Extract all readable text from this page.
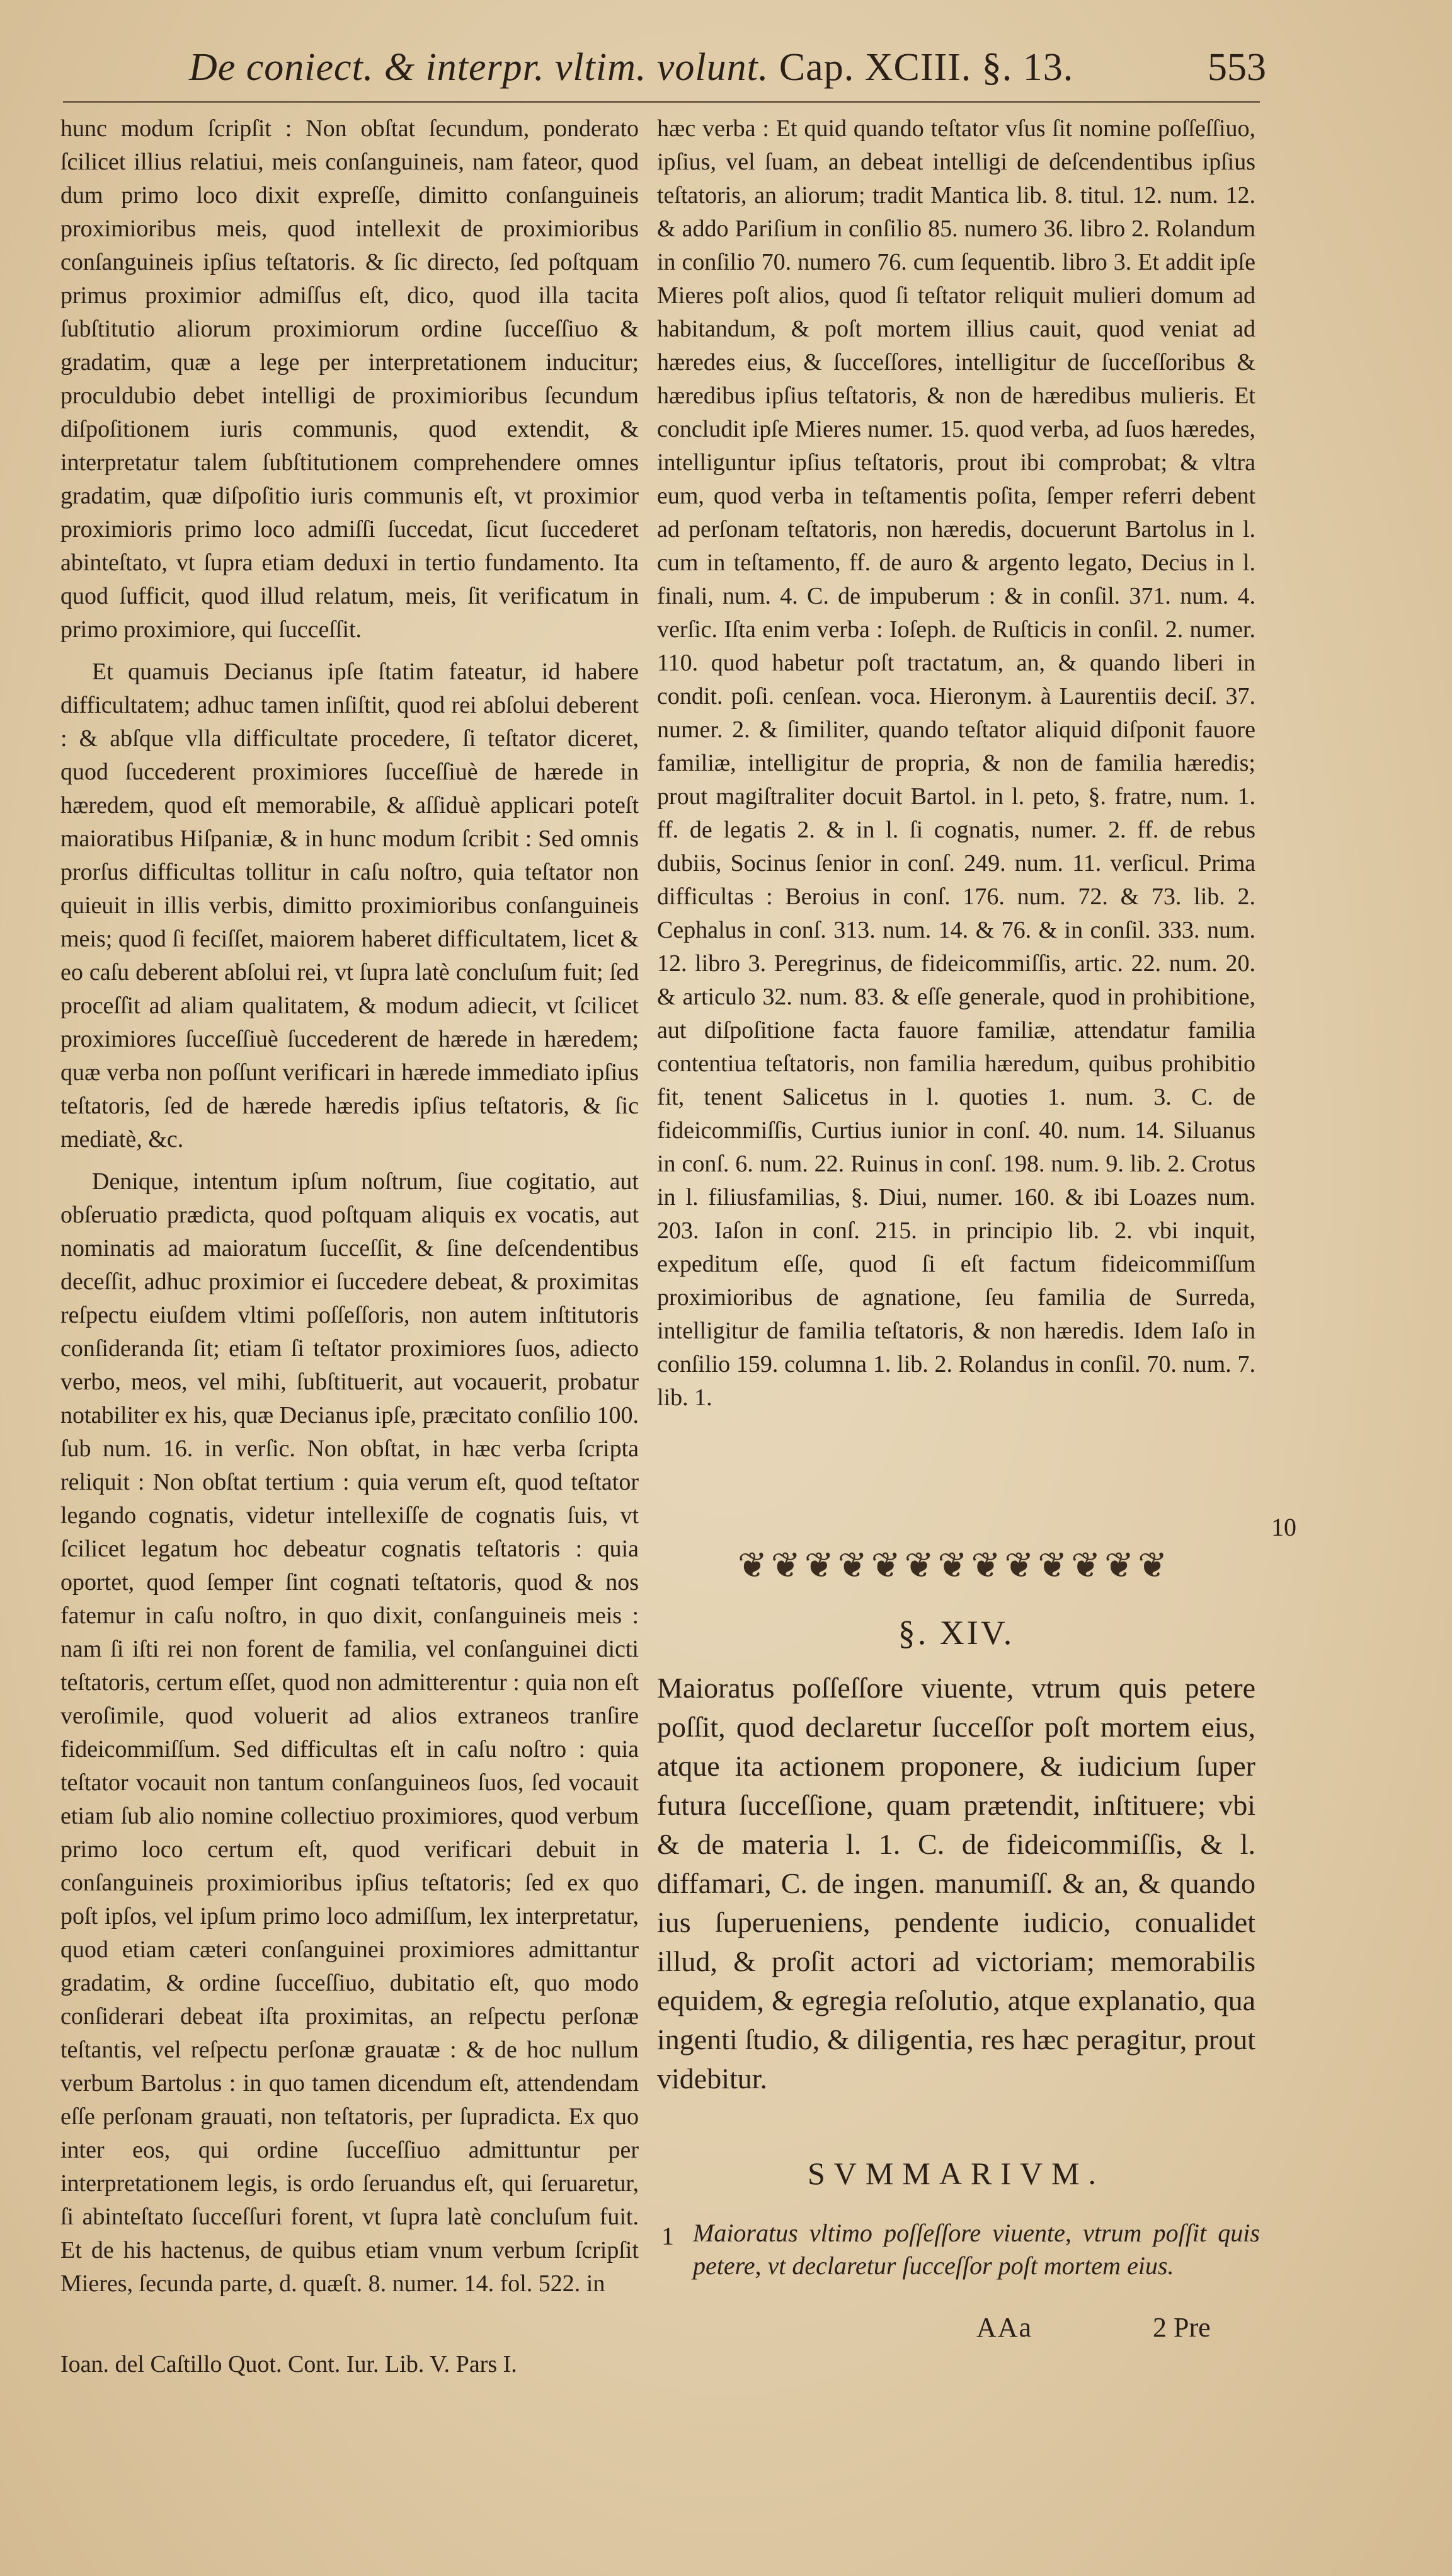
De coniect. & interpr. vltim. volunt. Cap. XCIII. §. 13.	553

hunc modum ſcripſit : Non obſtat ſecundum, ponderato ſcilicet illius relatiui, meis conſanguineis, nam fateor, quod dum primo loco dixit expreſſe, dimitto conſanguineis proximioribus meis, quod intellexit de proximioribus conſanguineis ipſius teſtatoris. & ſic directo, ſed poſtquam primus proximior admiſſus eſt, dico, quod illa tacita ſubſtitutio aliorum proximiorum ordine ſucceſſiuo & gradatim, quæ a lege per interpretationem inducitur; proculdubio debet intelligi de proximioribus ſecundum diſpoſitionem iuris communis, quod extendit, & interpretatur talem ſubſtitutionem comprehendere omnes gradatim, quæ diſpoſitio iuris communis eſt, vt proximior proximioris primo loco admiſſi ſuccedat, ſicut ſuccederet abinteſtato, vt ſupra etiam deduxi in tertio fundamento. Ita quod ſufficit, quod illud relatum, meis, ſit verificatum in primo proximiore, qui ſucceſſit.

Et quamuis Decianus ipſe ſtatim fateatur, id habere difficultatem; adhuc tamen inſiſtit, quod rei abſolui deberent : & abſque vlla difficultate procedere, ſi teſtator diceret, quod ſuccederent proximiores ſucceſſiuè de hærede in hæredem, quod eſt memorabile, & aſſiduè applicari poteſt maioratibus Hiſpaniæ, & in hunc modum ſcribit : Sed omnis prorſus difficultas tollitur in caſu noſtro, quia teſtator non quieuit in illis verbis, dimitto proximioribus conſanguineis meis; quod ſi feciſſet, maiorem haberet difficultatem, licet & eo caſu deberent abſolui rei, vt ſupra latè concluſum fuit; ſed proceſſit ad aliam qualitatem, & modum adiecit, vt ſcilicet proximiores ſucceſſiuè ſuccederent de hærede in hæredem; quæ verba non poſſunt verificari in hærede immediato ipſius teſtatoris, ſed de hærede hæredis ipſius teſtatoris, & ſic mediatè, &c.

Denique, intentum ipſum noſtrum, ſiue cogitatio, aut obſeruatio prædicta, quod poſtquam aliquis ex vocatis, aut nominatis ad maioratum ſucceſſit, & ſine deſcendentibus deceſſit, adhuc proximior ei ſuccedere debeat, & proximitas reſpectu eiuſdem vltimi poſſeſſoris, non autem inſtitutoris conſideranda ſit; etiam ſi teſtator proximiores ſuos, adiecto verbo, meos, vel mihi, ſubſtituerit, aut vocauerit, probatur notabiliter ex his, quæ Decianus ipſe, præcitato conſilio 100. ſub num. 16. in verſic. Non obſtat, in hæc verba ſcripta reliquit : Non obſtat tertium : quia verum eſt, quod teſtator legando cognatis, videtur intellexiſſe de cognatis ſuis, vt ſcilicet legatum hoc debeatur cognatis teſtatoris : quia oportet, quod ſemper ſint cognati teſtatoris, quod & nos fatemur in caſu noſtro, in quo dixit, conſanguineis meis : nam ſi iſti rei non forent de familia, vel conſanguinei dicti teſtatoris, certum eſſet, quod non admitterentur : quia non eſt veroſimile, quod voluerit ad alios extraneos tranſire fideicommiſſum. Sed difficultas eſt in caſu noſtro : quia teſtator vocauit non tantum conſanguineos ſuos, ſed vocauit etiam ſub alio nomine collectiuo proximiores, quod verbum primo loco certum eſt, quod verificari debuit in conſanguineis proximioribus ipſius teſtatoris; ſed ex quo poſt ipſos, vel ipſum primo loco admiſſum, lex interpretatur, quod etiam cæteri conſanguinei proximiores admittantur gradatim, & ordine ſucceſſiuo, dubitatio eſt, quo modo conſiderari debeat iſta proximitas, an reſpectu perſonæ teſtantis, vel reſpectu perſonæ grauatæ : & de hoc nullum verbum Bartolus : in quo tamen dicendum eſt, attendendam eſſe perſonam grauati, non teſtatoris, per ſupradicta. Ex quo inter eos, qui ordine ſucceſſiuo admittuntur per interpretationem legis, is ordo ſeruandus eſt, qui ſeruaretur, ſi abinteſtato ſucceſſuri forent, vt ſupra latè concluſum fuit. Et de his hactenus, de quibus etiam vnum verbum ſcripſit Mieres, ſecunda parte, d. quæſt. 8. numer. 14. fol. 522. in

Ioan. del Caſtillo Quot. Cont. Iur. Lib. V. Pars I.

hæc verba : Et quid quando teſtator vſus ſit nomine poſſeſſiuo, ipſius, vel ſuam, an debeat intelligi de deſcendentibus ipſius teſtatoris, an aliorum; tradit Mantica lib. 8. titul. 12. num. 12. & addo Pariſium in conſilio 85. numero 36. libro 2. Rolandum in conſilio 70. numero 76. cum ſequentib. libro 3. Et addit ipſe Mieres poſt alios, quod ſi teſtator reliquit mulieri domum ad habitandum, & poſt mortem illius cauit, quod veniat ad hæredes eius, & ſucceſſores, intelligitur de ſucceſſoribus & hæredibus ipſius teſtatoris, & non de hæredibus mulieris. Et concludit ipſe Mieres numer. 15. quod verba, ad ſuos hæredes, intelliguntur ipſius teſtatoris, prout ibi comprobat; & vltra eum, quod verba in teſtamentis poſita, ſemper referri debent ad perſonam teſtatoris, non hæredis, docuerunt Bartolus in l. cum in teſtamento, ff. de auro & argento legato, Decius in l. finali, num. 4. C. de impuberum : & in conſil. 371. num. 4. verſic. Iſta enim verba : Ioſeph. de Ruſticis in conſil. 2. numer. 110. quod habetur poſt tractatum, an, & quando liberi in condit. poſi. cenſean. voca. Hieronym. à Laurentiis deciſ. 37. numer. 2. & ſimiliter, quando teſtator aliquid diſponit fauore familiæ, intelligitur de propria, & non de familia hæredis; prout magiſtraliter docuit Bartol. in l. peto, §. fratre, num. 1. ff. de legatis 2. & in l. ſi cognatis, numer. 2. ff. de rebus dubiis, Socinus ſenior in conſ. 249. num. 11. verſicul. Prima difficultas : Beroius in conſ. 176. num. 72. & 73. lib. 2. Cephalus in conſ. 313. num. 14. & 76. & in conſil. 333. num. 12. libro 3. Peregrinus, de fideicommiſſis, artic. 22. num. 20. & articulo 32. num. 83. & eſſe generale, quod in prohibitione, aut diſpoſitione facta fauore familiæ, attendatur familia contentiua teſtatoris, non familia hæredum, quibus prohibitio fit, tenent Salicetus in l. quoties 1. num. 3. C. de fideicommiſſis, Curtius iunior in conſ. 40. num. 14. Siluanus in conſ. 6. num. 22. Ruinus in conſ. 198. num. 9. lib. 2. Crotus in l. filiusfamilias, §. Diui, numer. 160. & ibi Loazes num. 203. Iaſon in conſ. 215. in principio lib. 2. vbi inquit, expeditum eſſe, quod ſi eſt factum fideicommiſſum proximioribus de agnatione, ſeu familia de Surreda, intelligitur de familia teſtatoris, & non hæredis. Idem Iaſo in conſilio 159. columna 1. lib. 2. Rolandus in conſil. 70. num. 7. lib. 1.

10
❦❦❦❦❦❦❦❦❦❦❦❦❦
§. XIV.
Maioratus poſſeſſore viuente, vtrum quis petere poſſit, quod declaretur ſucceſſor poſt mortem eius, atque ita actionem proponere, & iudicium ſuper futura ſucceſſione, quam prætendit, inſtituere; vbi & de materia l. 1. C. de fideicommiſſis, & l. diffamari, C. de ingen. manumiſſ. & an, & quando ius ſuperueniens, pendente iudicio, conualidet illud, & proſit actori ad victoriam; memorabilis equidem, & egregia reſolutio, atque explanatio, qua ingenti ſtudio, & diligentia, res hæc peragitur, prout videbitur.
SVMMARIVM.
1 Maioratus vltimo poſſeſſore viuente, vtrum poſſit quis petere, vt declaretur ſucceſſor poſt mortem eius.
AAa	2 Pre
